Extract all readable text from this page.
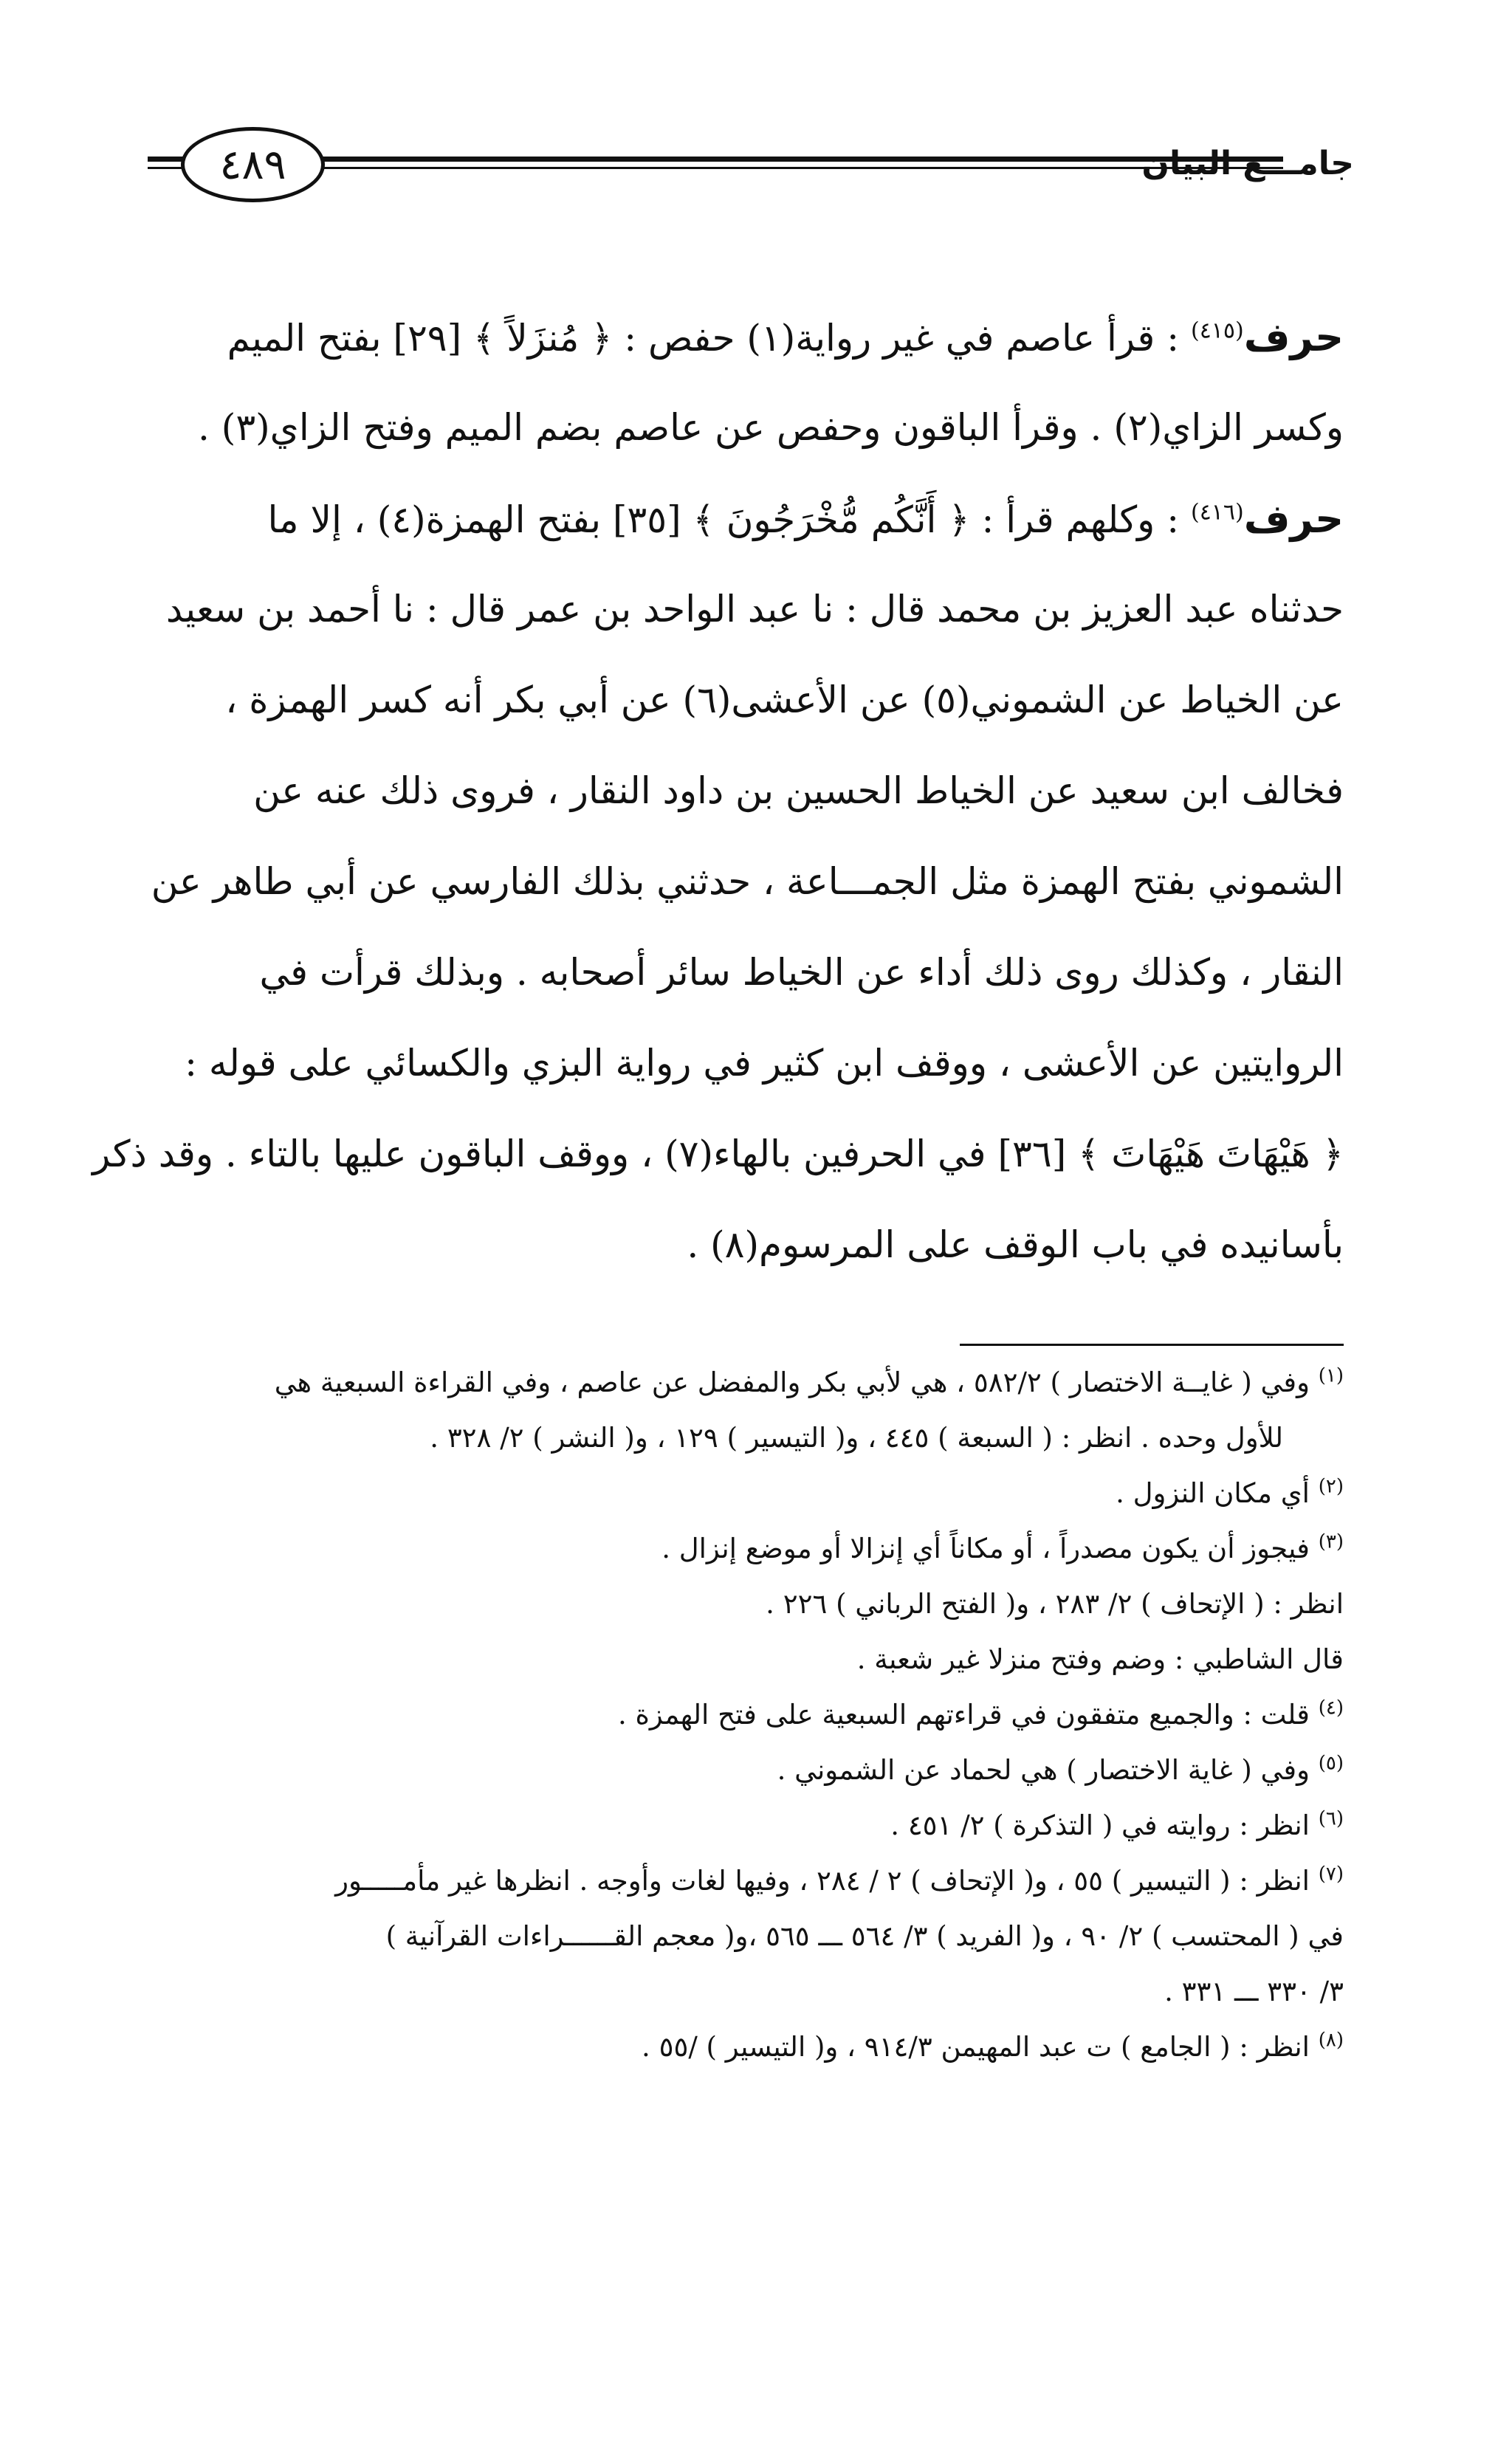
٤٨٩	جامـــع البيان
حرف$^{(٤١٥)}$ : قرأ عاصم في غير رواية(١) حفص : ﴿ مُنزَلاً ﴾ [٢٩] بفتح الميم
وكسر الزاي(٢) . وقرأ الباقون وحفص عن عاصم بضم الميم وفتح الزاي(٣) .
حرف$^{(٤١٦)}$ : وكلهم قرأ : ﴿ أَنَّكُم مُّخْرَجُونَ ﴾ [٣٥] بفتح الهمزة(٤) ، إلا ما
حدثناه عبد العزيز بن محمد قال : نا عبد الواحد بن عمر قال : نا أحمد بن سعيد
عن الخياط عن الشموني(٥) عن الأعشى(٦) عن أبي بكر أنه كسر الهمزة ،
فخالف ابن سعيد عن الخياط الحسين بن داود النقار ، فروى ذلك عنه عن
الشموني بفتح الهمزة مثل الجمـــاعة ، حدثني بذلك الفارسي عن أبي طاهر عن
النقار ، وكذلك روى ذلك أداء عن الخياط سائر أصحابه . وبذلك قرأت في
الروايتين عن الأعشى ، ووقف ابن كثير في رواية البزي والكسائي على قوله :
﴿ هَيْهَاتَ هَيْهَاتَ ﴾ [٣٦] في الحرفين بالهاء(٧) ، ووقف الباقون عليها بالتاء . وقد ذكر
بأسانيده في باب الوقف على المرسوم(٨) .
$^{(١)}$ وفي ( غايــة الاختصار ) ٥٨٢/٢ ، هي لأبي بكر والمفضل عن عاصم ، وفي القراءة السبعية هي
للأول وحده . انظر : ( السبعة ) ٤٤٥ ، و( التيسير ) ١٢٩ ، و( النشر ) ٢/ ٣٢٨ .
$^{(٢)}$ أي مكان النزول .
$^{(٣)}$ فيجوز أن يكون مصدراً ، أو مكاناً أي إنزالا أو موضع إنزال .
انظر : ( الإتحاف ) ٢/ ٢٨٣ ، و( الفتح الرباني ) ٢٢٦ .
قال الشاطبي : وضم وفتح منزلا غير شعبة .
$^{(٤)}$ قلت : والجميع متفقون في قراءتهم السبعية على فتح الهمزة .
$^{(٥)}$ وفي ( غاية الاختصار ) هي لحماد عن الشموني .
$^{(٦)}$ انظر : روايته في ( التذكرة ) ٢/ ٤٥١ .
$^{(٧)}$ انظر : ( التيسير ) ٥٥ ، و( الإتحاف ) ٢ / ٢٨٤ ، وفيها لغات وأوجه . انظرها غير مأمـــــور
في ( المحتسب ) ٢/ ٩٠ ، و( الفريد ) ٣/ ٥٦٤ ـــ ٥٦٥ ،و( معجم القــــــراءات القرآنية )
٣/ ٣٣٠ ـــ ٣٣١ .
$^{(٨)}$ انظر : ( الجامع ) ت عبد المهيمن ٩١٤/٣ ، و( التيسير ) /٥٥ .
